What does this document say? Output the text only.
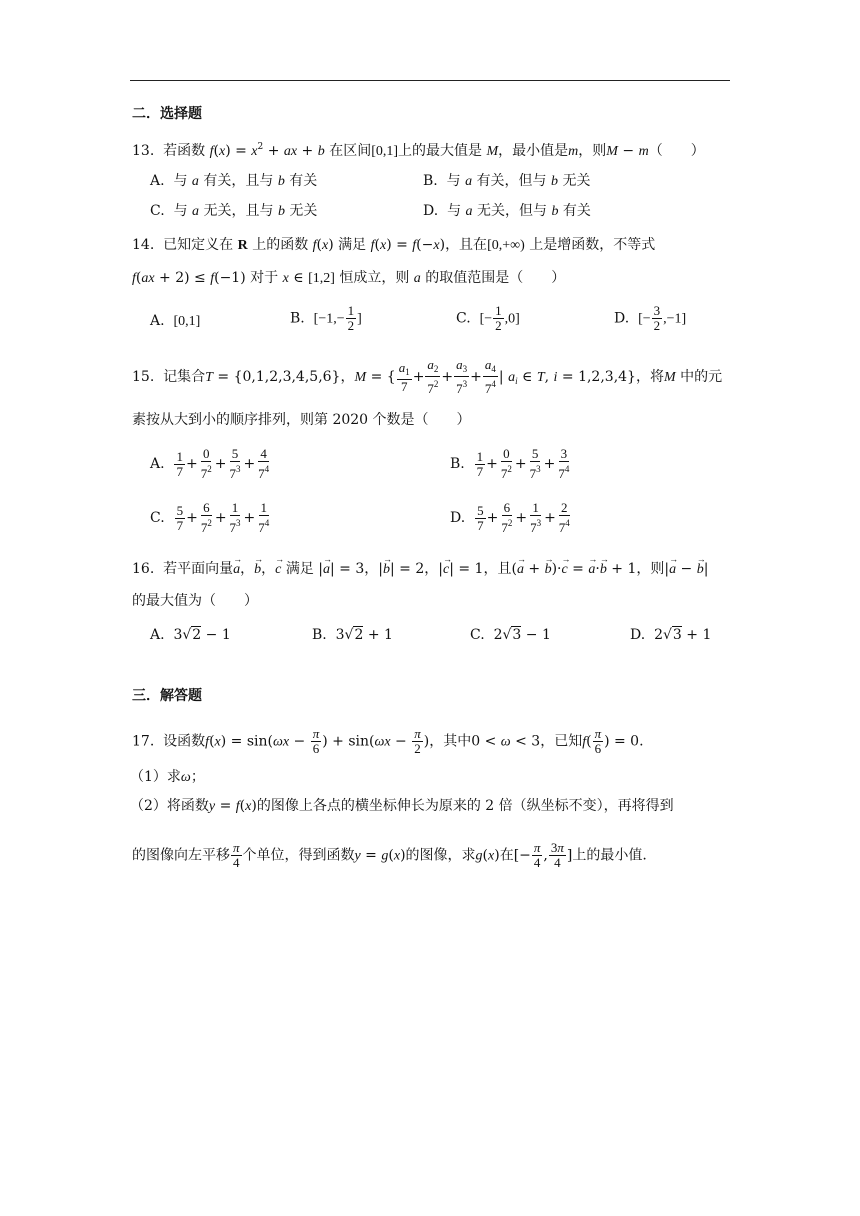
二．选择题
13. 若函数 $f(x) = x^2$ + ax + b 在区间[0,1]上的最大值是 M，最小值是m，则M − m（　　）
A. 与 a 有关，且与 b 有关	B. 与 a 有关，但与 b 无关
C. 与 a 无关，且与 b 无关	D. 与 a 无关，但与 b 有关
14. 已知定义在 R 上的函数 f(x) 满足 f(x) = f(−x)，且在[0,+∞) 上是增函数，不等式
f(ax + 2) ≤ f(−1) 对于 x ∈ [1,2] 恒成立，则 a 的取值范围是（　　）
A. [0,1]	B. [$-1,- \frac{1}{2}$ ]	C. [− $\frac{1}{2} ,0$]	D. [− $\frac{3}{2} ,-1$]
15. 记集合T = {0,1,2,3,4,5,6}，M = { $\frac{a_1}{7} + \frac{a_2}{7^2} + \frac{a_3}{7^3} + \frac{a_4}{7^4}$ | $a_i$ ∈ T, i = 1,2,3,4}，将M 中的元
素按从大到小的顺序排列，则第 2020 个数是（　　）
A. $\frac{1}{7} + \frac{0}{7^2} + \frac{5}{7^3} + \frac{4}{7^4}$	B. $\frac{1}{7} + \frac{0}{7^2} + \frac{5}{7^3} + \frac{3}{7^4}$
C. $\frac{5}{7} + \frac{6}{7^2} + \frac{1}{7^3} + \frac{1}{7^4}$	D. $\frac{5}{7} + \frac{6}{7^2} + \frac{1}{7^3} + \frac{2}{7^4}$
16. 若平面向量→ a，→ b，→ c 满足 |→ a| = 3，|→ b| = 2，|→ c| = 1，且(→ a + → b)·→ c = → a·→ b + 1，则|→ a − → b|
的最大值为（　　）
A.  3√2 − 1	B.  3√2 + 1	C.  2√3 − 1	D.  2√3 + 1
三．解答题
17. 设函数$f(x) = \sin(\omega x - \frac{\pi}{6}$ ) + $\sin(\omega x - \frac{\pi}{2}$ )，其中0 < ω < 3，已知$f( \frac{\pi}{6}$ ) = 0.
（1）求ω；
（2）将函数y = f(x)的图像上各点的横坐标伸长为原来的 2 倍（纵坐标不变），再将得到
的图像向左平移 $\frac{\pi}{4}$ 个单位，得到函数y = g(x)的图像，求g(x)在[− $\frac{\pi}{4}$ , $\frac{3\pi}{4}$ ]上的最小值.
